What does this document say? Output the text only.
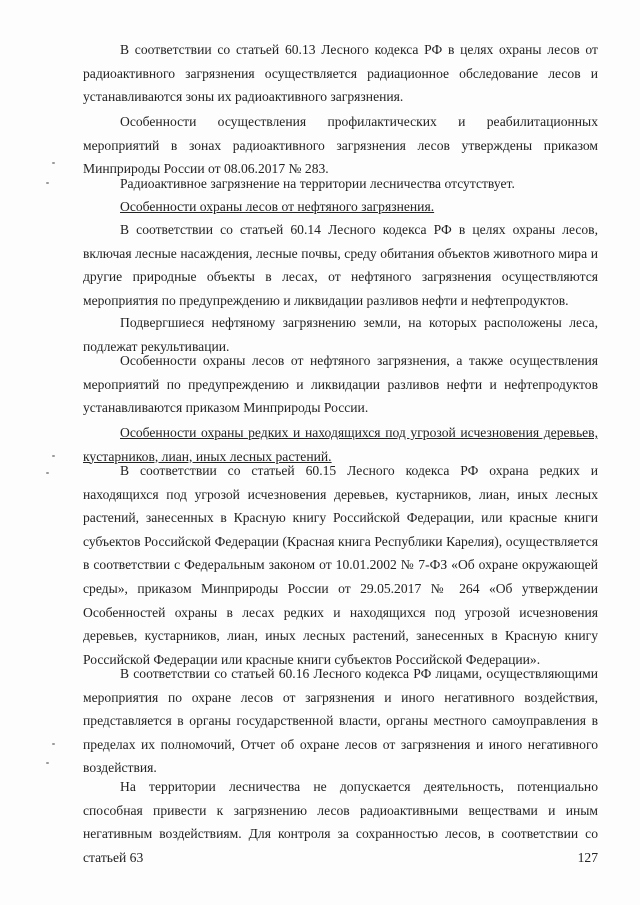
В соответствии со статьей 60.13 Лесного кодекса РФ в целях охраны лесов от радиоактивного загрязнения осуществляется радиационное обследование лесов и устанавливаются зоны их радиоактивного загрязнения.

Особенности осуществления профилактических и реабилитационных мероприятий в зонах радиоактивного загрязнения лесов утверждены приказом Минприроды России от 08.06.2017 № 283.

Радиоактивное загрязнение на территории лесничества отсутствует.

Особенности охраны лесов от нефтяного загрязнения.

В соответствии со статьей 60.14 Лесного кодекса РФ в целях охраны лесов, включая лесные насаждения, лесные почвы, среду обитания объектов животного мира и другие природные объекты в лесах, от нефтяного загрязнения осуществляются мероприятия по предупреждению и ликвидации разливов нефти и нефтепродуктов.

Подвергшиеся нефтяному загрязнению земли, на которых расположены леса, подлежат рекультивации.

Особенности охраны лесов от нефтяного загрязнения, а также осуществления мероприятий по предупреждению и ликвидации разливов нефти и нефтепродуктов устанавливаются приказом Минприроды России.

Особенности охраны редких и находящихся под угрозой исчезновения деревьев, кустарников, лиан, иных лесных растений.

В соответствии со статьей 60.15 Лесного кодекса РФ охрана редких и находящихся под угрозой исчезновения деревьев, кустарников, лиан, иных лесных растений, занесенных в Красную книгу Российской Федерации, или красные книги субъектов Российской Федерации (Красная книга Республики Карелия), осуществляется в соответствии с Федеральным законом от 10.01.2002 № 7-ФЗ «Об охране окружающей среды», приказом Минприроды России от 29.05.2017 № 264 «Об утверждении Особенностей охраны в лесах редких и находящихся под угрозой исчезновения деревьев, кустарников, лиан, иных лесных растений, занесенных в Красную книгу Российской Федерации или красные книги субъектов Российской Федерации».

В соответствии со статьей 60.16 Лесного кодекса РФ лицами, осуществляющими мероприятия по охране лесов от загрязнения и иного негативного воздействия, представляется в органы государственной власти, органы местного самоуправления в пределах их полномочий, Отчет об охране лесов от загрязнения и иного негативного воздействия.

На территории лесничества не допускается деятельность, потенциально способная привести к загрязнению лесов радиоактивными веществами и иным негативным воздействиям. Для контроля за сохранностью лесов, в соответствии со статьей 63	127
